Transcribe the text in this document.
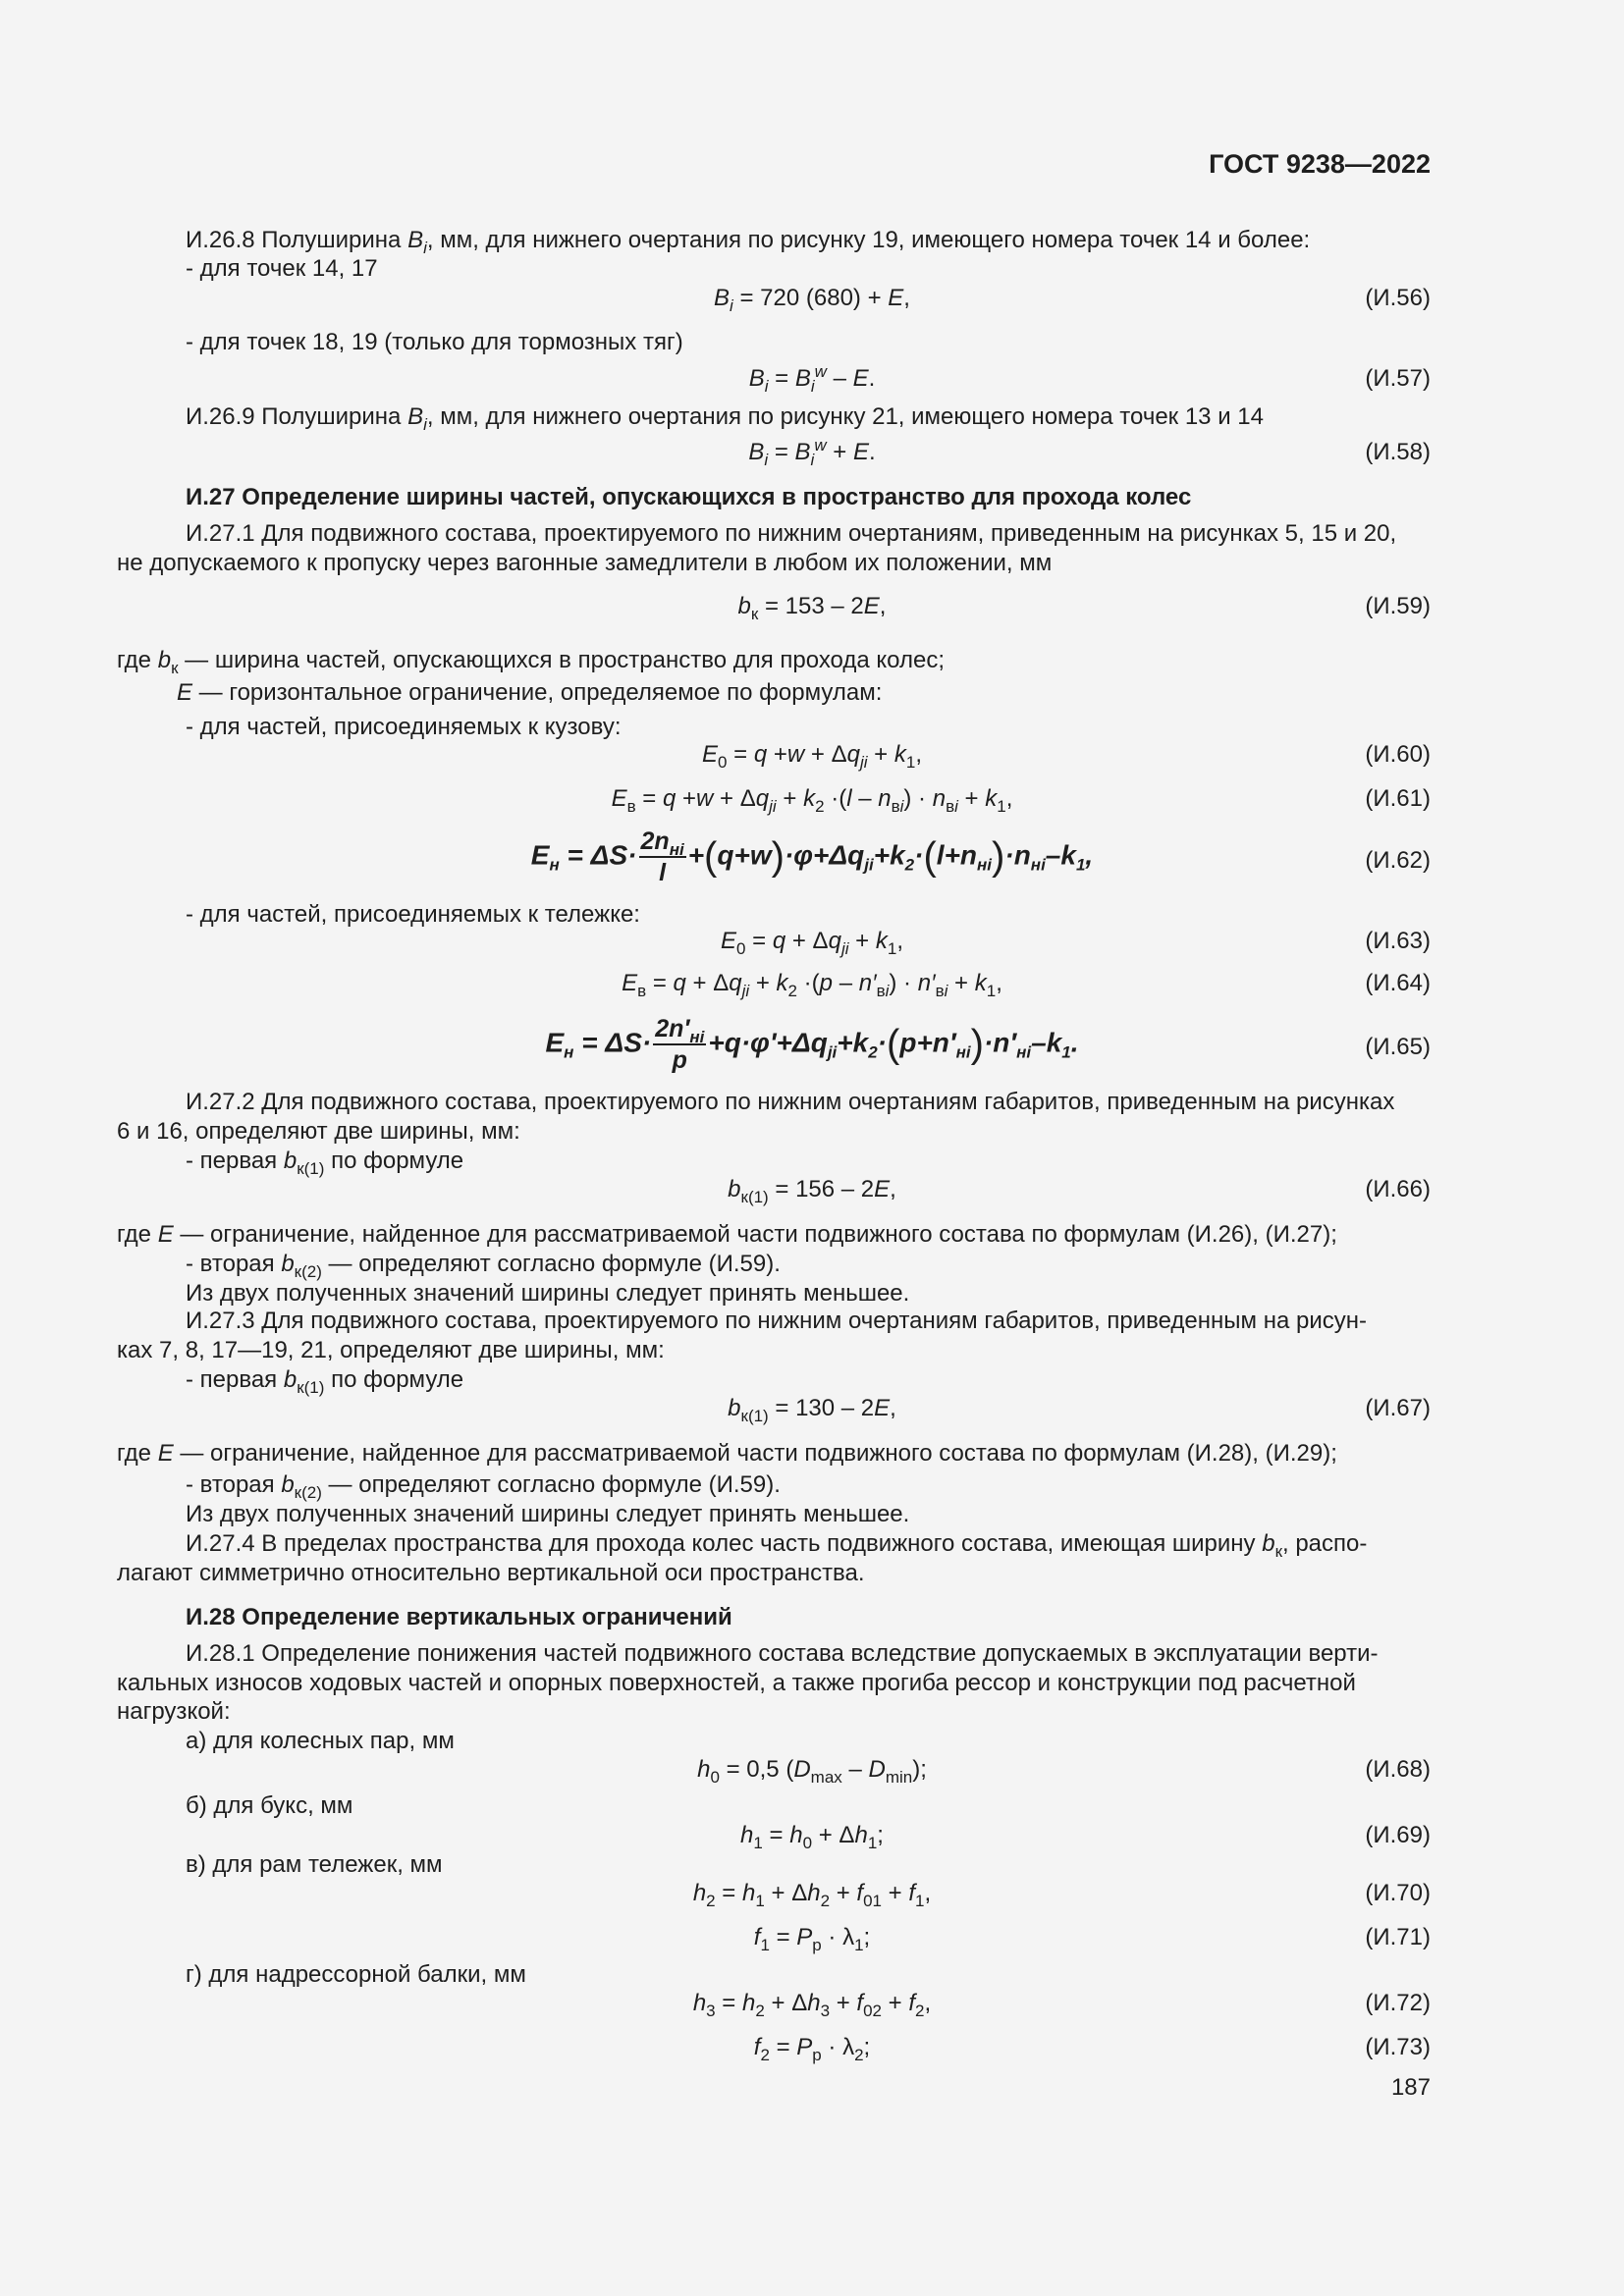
ГОСТ 9238—2022
И.26.8 Полуширина $B_i$, мм, для нижнего очертания по рисунку 19, имеющего номера точек 14 и более:
- для точек 14, 17
$B_i = 720$ (680) + E,	(И.56)
- для точек 18, 19 (только для тормозных тяг)
$B_i = B_i^w - E$.	(И.57)
И.26.9 Полуширина $B_i$, мм, для нижнего очертания по рисунку 21, имеющего номера точек 13 и 14
$B_i = B_i^w + E$.	(И.58)
И.27 Определение ширины частей, опускающихся в пространство для прохода колес
И.27.1 Для подвижного состава, проектируемого по нижним очертаниям, приведенным на рисунках 5, 15 и 20,
не допускаемого к пропуску через вагонные замедлители в любом их положении, мм
$b_к = 153 - 2E$,	(И.59)
где $b_к$ — ширина частей, опускающихся в пространство для прохода колес;
E — горизонтальное ограничение, определяемое по формулам:
- для частей, присоединяемых к кузову:
$E_0 = q +w + \Delta q_{ji} + k_1$,	(И.60)
$E_в = q +w + \Delta q_{ji} + k_2 \cdot(l - n_{вi}) \cdot n_{вi} + k_1$,	(И.61)
$E_н = \Delta S\cdot \frac{2n_{нi}}{l} +(q+w)\cdot\varphi+\Delta q_{ji}+k_2\cdot(l+n_{нi})\cdot n_{нi}-k_1$,	(И.62)
- для частей, присоединяемых к тележке:
$E_0 = q + \Delta q_{ji} + k_1$,	(И.63)
$E_в = q + \Delta q_{ji} + k_2 \cdot(p - n'_{вi}) \cdot n'_{вi} + k_1$,	(И.64)
$E_н = \Delta S\cdot \frac{2n'_{нi}}{p} +q\cdot\varphi'+\Delta q_{ji}+k_2\cdot(p+n'_{нi})\cdot n'_{нi}-k_1$.	(И.65)
И.27.2 Для подвижного состава, проектируемого по нижним очертаниям габаритов, приведенным на рисунках
6 и 16, определяют две ширины, мм:
- первая $b_{к(1)}$ по формуле
$b_{к(1)} = 156 - 2E$,	(И.66)
где E — ограничение, найденное для рассматриваемой части подвижного состава по формулам (И.26), (И.27);
- вторая $b_{к(2)}$ — определяют согласно формуле (И.59).
Из двух полученных значений ширины следует принять меньшее.
И.27.3 Для подвижного состава, проектируемого по нижним очертаниям габаритов, приведенным на рисун-
ках 7, 8, 17—19, 21, определяют две ширины, мм:
- первая $b_{к(1)}$ по формуле
$b_{к(1)} = 130 - 2E$,	(И.67)
где E — ограничение, найденное для рассматриваемой части подвижного состава по формулам (И.28), (И.29);
- вторая $b_{к(2)}$ — определяют согласно формуле (И.59).
Из двух полученных значений ширины следует принять меньшее.
И.27.4 В пределах пространства для прохода колес часть подвижного состава, имеющая ширину $b_к$, распо-
лагают симметрично относительно вертикальной оси пространства.
И.28 Определение вертикальных ограничений
И.28.1 Определение понижения частей подвижного состава вследствие допускаемых в эксплуатации верти-
кальных износов ходовых частей и опорных поверхностей, а также прогиба рессор и конструкции под расчетной
нагрузкой:
а) для колесных пар, мм
$h_0 = 0,5$ $(D_{max} - D_{min})$;	(И.68)
б) для букс, мм
$h_1 = h_0 + \Delta h_1$;	(И.69)
в) для рам тележек, мм
$h_2 = h_1 + \Delta h_2 + f_{01} + f_1$,	(И.70)
$f_1 = P_р \cdot \lambda_1$;	(И.71)
г) для надрессорной балки, мм
$h_3 = h_2 + \Delta h_3 + f_{02} + f_2$,	(И.72)
$f_2 = P_р \cdot \lambda_2$;	(И.73)
187
